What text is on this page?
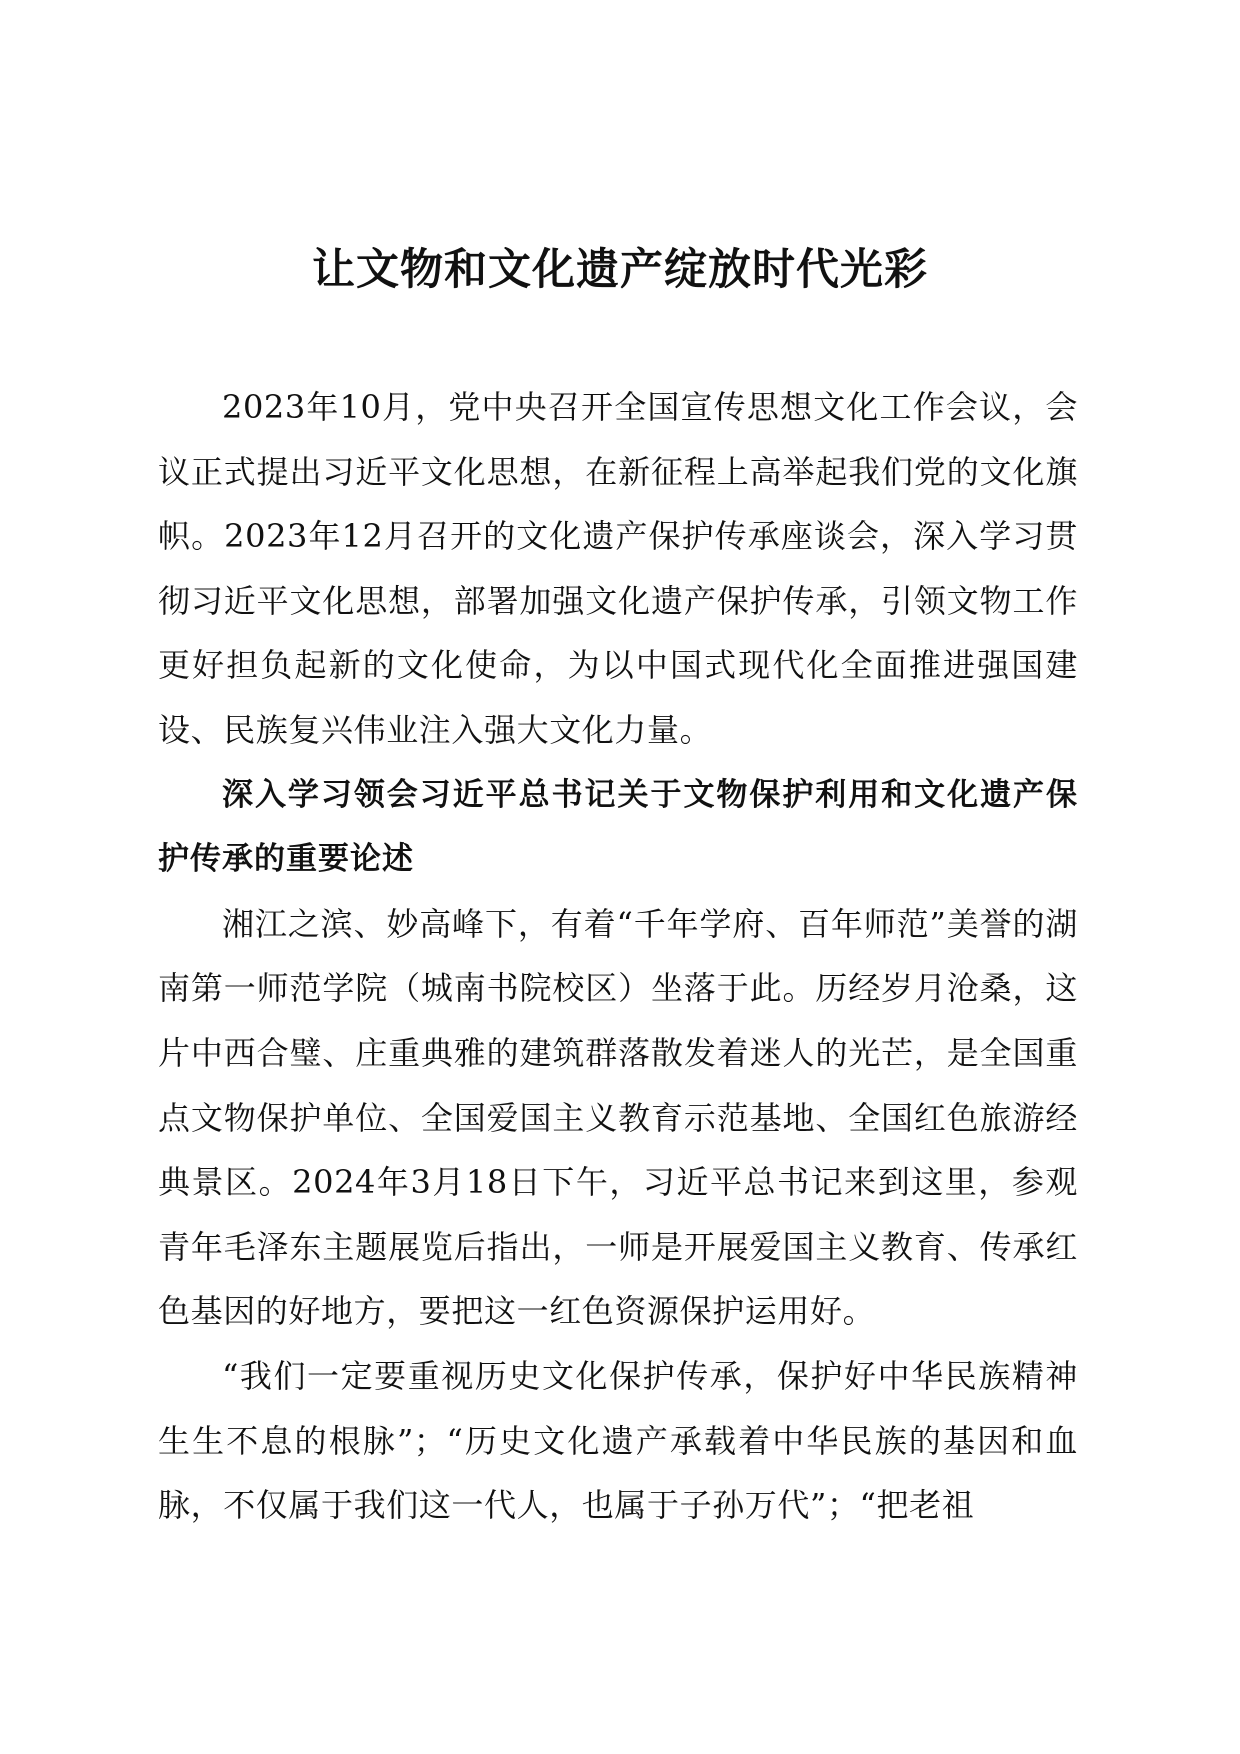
让文物和文化遗产绽放时代光彩

2023年10月，党中央召开全国宣传思想文化工作会议，会议正式提出习近平文化思想，在新征程上高举起我们党的文化旗帜。2023年12月召开的文化遗产保护传承座谈会，深入学习贯彻习近平文化思想，部署加强文化遗产保护传承，引领文物工作更好担负起新的文化使命，为以中国式现代化全面推进强国建设、民族复兴伟业注入强大文化力量。

深入学习领会习近平总书记关于文物保护利用和文化遗产保护传承的重要论述

湘江之滨、妙高峰下，有着“千年学府、百年师范”美誉的湖南第一师范学院（城南书院校区）坐落于此。历经岁月沧桑，这片中西合璧、庄重典雅的建筑群落散发着迷人的光芒，是全国重点文物保护单位、全国爱国主义教育示范基地、全国红色旅游经典景区。2024年3月18日下午，习近平总书记来到这里，参观青年毛泽东主题展览后指出，一师是开展爱国主义教育、传承红色基因的好地方，要把这一红色资源保护运用好。

“我们一定要重视历史文化保护传承，保护好中华民族精神生生不息的根脉”；“历史文化遗产承载着中华民族的基因和血脉，不仅属于我们这一代人，也属于子孙万代”；“把老祖
